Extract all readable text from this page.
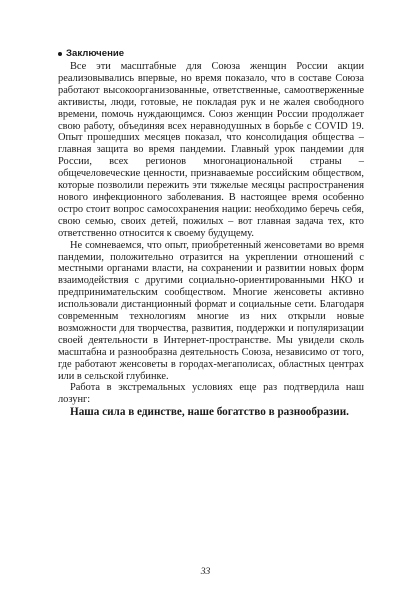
Заключение

Все эти масштабные для Союза женщин России акции реализовывались впервые, но время показало, что в составе Союза работают высокоорганизованные, ответственные, самоотверженные активисты, люди, готовые, не покладая рук и не жалея свободного времени, помочь нуждающимся. Союз женщин России продолжает свою работу, объединяя всех неравнодушных в борьбе с COVID 19. Опыт прошедших месяцев показал, что консолидация общества – главная защита во время пандемии. Главный урок пандемии для России, всех регионов многонациональной страны – общечеловеческие ценности, признаваемые российским обществом, которые позволили пережить эти тяжелые месяцы распространения нового инфекционного заболевания. В настоящее время особенно остро стоит вопрос самосохранения нации: необходимо беречь себя, свою семью, своих детей, пожилых – вот главная задача тех, кто ответственно относится к своему будущему.

Не сомневаемся, что опыт, приобретенный женсоветами во время пандемии, положительно отразится на укреплении отношений с местными органами власти, на сохранении и развитии новых форм взаимодействия с другими социально-ориентированными НКО и предпринимательским сообществом. Многие женсоветы активно использовали дистанционный формат и социальные сети. Благодаря современным технологиям многие из них открыли новые возможности для творчества, развития, поддержки и популяризации своей деятельности в Интернет-пространстве. Мы увидели сколь масштабна и разнообразна деятельность Союза, независимо от того, где работают женсоветы в городах-мегаполисах, областных центрах или в сельской глубинке.

Работа в экстремальных условиях еще раз подтвердила наш лозунг:

Наша сила в единстве, наше богатство в разнообразии.

33
